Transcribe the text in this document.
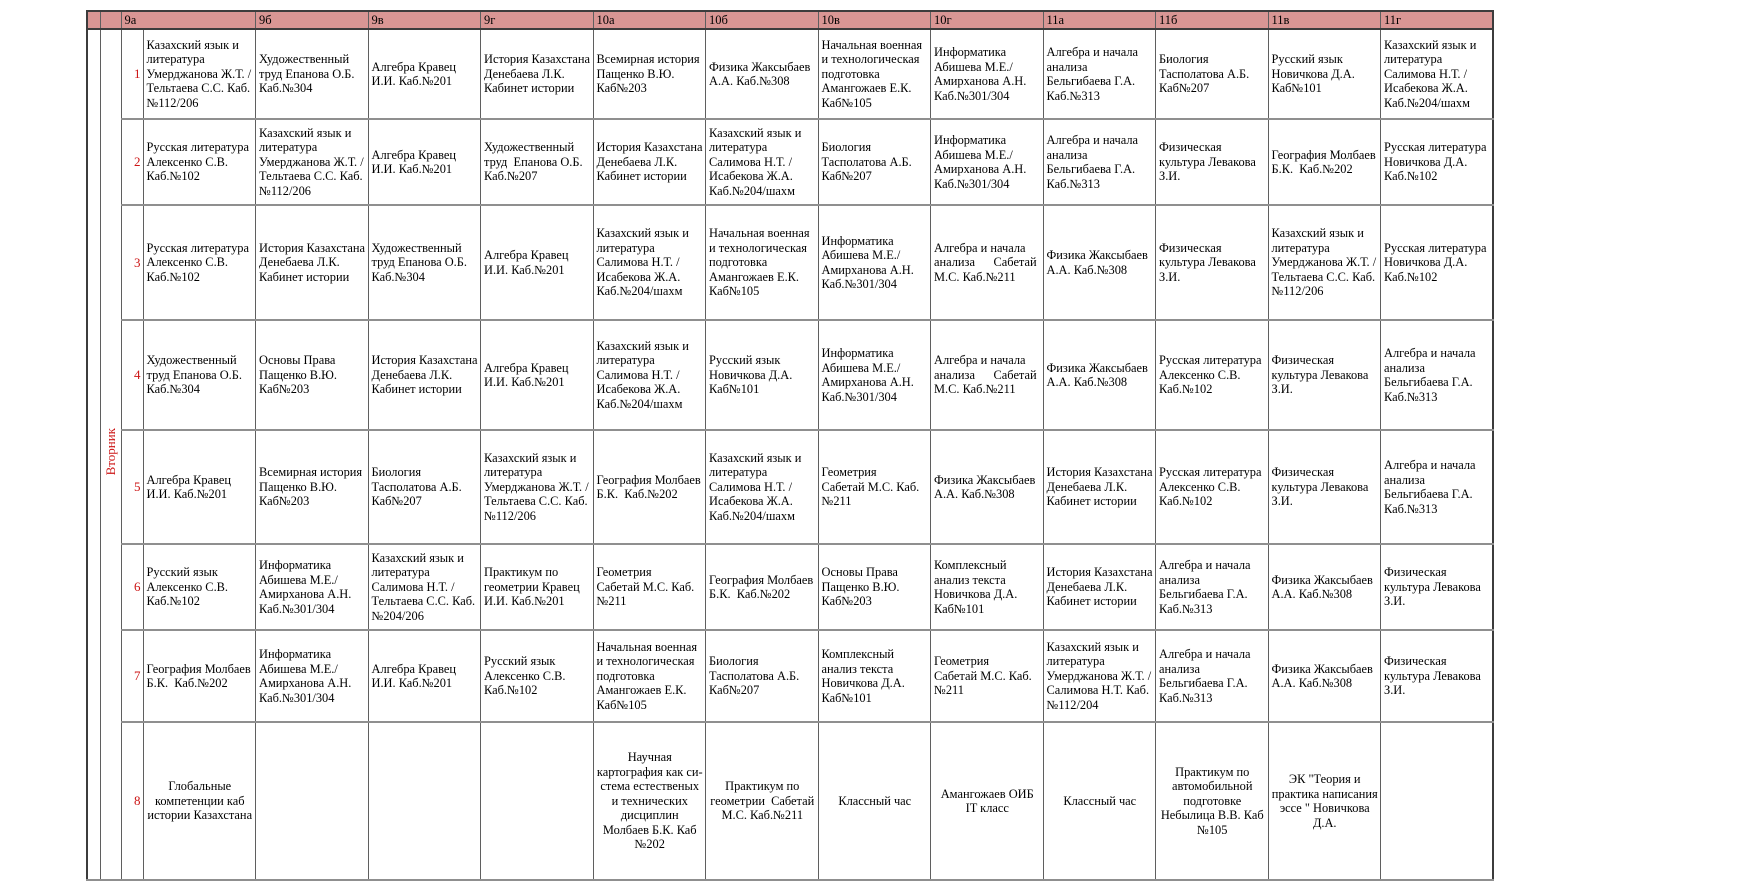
		9а		9б	9в	9г	10а	10б	10в	10г	11а	11б	11в	11г
	Вторник	1	Казахский язык и литература Умерджанова Ж.Т. /Тельтаева С.С. Каб.№112/206	Художественный труд Епанова О.Б. Каб.№304	Алгебра Кравец И.И. Каб.№201	История Казахстана Денебаева Л.К. Кабинет истории	Всемирная история Пащенко В.Ю. Каб№203	Физика Жаксыбаев А.А. Каб.№308	Начальная военная и технологическая подготовка Амангожаев Е.К. Каб№105	Информатика Абишева М.Е./ Амирханова А.Н. Каб.№301/304	Алгебра и начала анализа Бельгибаева Г.А. Каб.№313	Биология Тасполатова А.Б. Каб№207	Русский язык Новичкова Д.А. Каб№101	Казахский язык и литература Салимова Н.Т. /Исабекова Ж.А. Каб.№204/шахм
		2	Русская литература Алексенко С.В. Каб.№102	Казахский язык и литература Умерджанова Ж.Т. /Тельтаева С.С. Каб.№112/206	Алгебра Кравец И.И. Каб.№201	Художественный труд  Епанова О.Б. Каб.№207	История Казахстана Денебаева Л.К. Кабинет истории	Казахский язык и литература Салимова Н.Т. /Исабекова Ж.А. Каб.№204/шахм	Биология Тасполатова А.Б. Каб№207	Информатика Абишева М.Е./ Амирханова А.Н. Каб.№301/304	Алгебра и начала анализа Бельгибаева Г.А. Каб.№313	Физическая культура Левакова З.И.	География Молбаев Б.К.  Каб.№202	Русская литература Новичкова Д.А. Каб.№102
		3	Русская литература Алексенко С.В. Каб.№102	История Казахстана Денебаева Л.К. Кабинет истории	Художественный труд Епанова О.Б. Каб.№304	Алгебра Кравец И.И. Каб.№201	Казахский язык и литература Салимова Н.Т. /Исабекова Ж.А. Каб.№204/шахм	Начальная военная и технологическая подготовка Амангожаев Е.К. Каб№105	Информатика Абишева М.Е./ Амирханова А.Н. Каб.№301/304	Алгебра и начала анализа      Сабетай М.С. Каб.№211	Физика Жаксыбаев А.А. Каб.№308	Физическая культура Левакова З.И.	Казахский язык и литература Умерджанова Ж.Т. /Тельтаева С.С. Каб.№112/206	Русская литература Новичкова Д.А. Каб.№102
		4	Художественный труд Епанова О.Б. Каб.№304	Основы Права Пащенко В.Ю. Каб№203	История Казахстана Денебаева Л.К. Кабинет истории	Алгебра Кравец И.И. Каб.№201	Казахский язык и литература Салимова Н.Т. /Исабекова Ж.А. Каб.№204/шахм	Русский язык Новичкова Д.А. Каб№101	Информатика Абишева М.Е./ Амирханова А.Н. Каб.№301/304	Алгебра и начала анализа      Сабетай М.С. Каб.№211	Физика Жаксыбаев А.А. Каб.№308	Русская литература Алексенко С.В. Каб.№102	Физическая культура Левакова З.И.	Алгебра и начала анализа Бельгибаева Г.А. Каб.№313
		5	Алгебра Кравец И.И. Каб.№201	Всемирная история Пащенко В.Ю. Каб№203	Биология Тасполатова А.Б. Каб№207	Казахский язык и литература Умерджанова Ж.Т. /Тельтаева С.С. Каб.№112/206	География Молбаев Б.К.  Каб.№202	Казахский язык и литература Салимова Н.Т. /Исабекова Ж.А. Каб.№204/шахм	Геометрия   Сабетай М.С. Каб.№211	Физика Жаксыбаев А.А. Каб.№308	История Казахстана Денебаева Л.К. Кабинет истории	Русская литература Алексенко С.В. Каб.№102	Физическая культура Левакова З.И.	Алгебра и начала анализа Бельгибаева Г.А. Каб.№313
		6	Русский язык Алексенко С.В. Каб.№102	Информатика Абишева М.Е./ Амирханова А.Н. Каб.№301/304	Казахский язык и литература Салимова Н.Т. /Тельтаева С.С. Каб.№204/206	Практикум по геометрии Кравец И.И. Каб.№201	Геометрия   Сабетай М.С. Каб.№211	География Молбаев Б.К.  Каб.№202	Основы Права Пащенко В.Ю. Каб№203	Комплексный анализ текста Новичкова Д.А.      Каб№101	История Казахстана Денебаева Л.К. Кабинет истории	Алгебра и начала анализа Бельгибаева Г.А. Каб.№313	Физика Жаксыбаев А.А. Каб.№308	Физическая культура Левакова З.И.
		7	География Молбаев Б.К.  Каб.№202	Информатика Абишева М.Е./ Амирханова А.Н. Каб.№301/304	Алгебра Кравец И.И. Каб.№201	Русский язык Алексенко С.В. Каб.№102	Начальная военная и технологическая подготовка Амангожаев Е.К. Каб№105	Биология Тасполатова А.Б. Каб№207	Комплексный анализ текста Новичкова Д.А.      Каб№101	Геометрия   Сабетай М.С. Каб.№211	Казахский язык и литература Умерджанова Ж.Т. /Салимова Н.Т. Каб.№112/204	Алгебра и начала анализа Бельгибаева Г.А. Каб.№313	Физика Жаксыбаев А.А. Каб.№308	Физическая культура Левакова З.И.
		8	Глобальные компетенции каб истории Казахстана				Научная картография как си-стема естественых и технических дисциплин Молбаев Б.К. Каб №202	Практикум по геометрии  Сабетай М.С. Каб.№211	Классный час	Амангожаев ОИБ  IT класс	Классный час	Практикум по автомобильной подготовке Небылица В.В. Каб №105	ЭК "Теория и практика написания эссе " Новичкова Д.А.	
